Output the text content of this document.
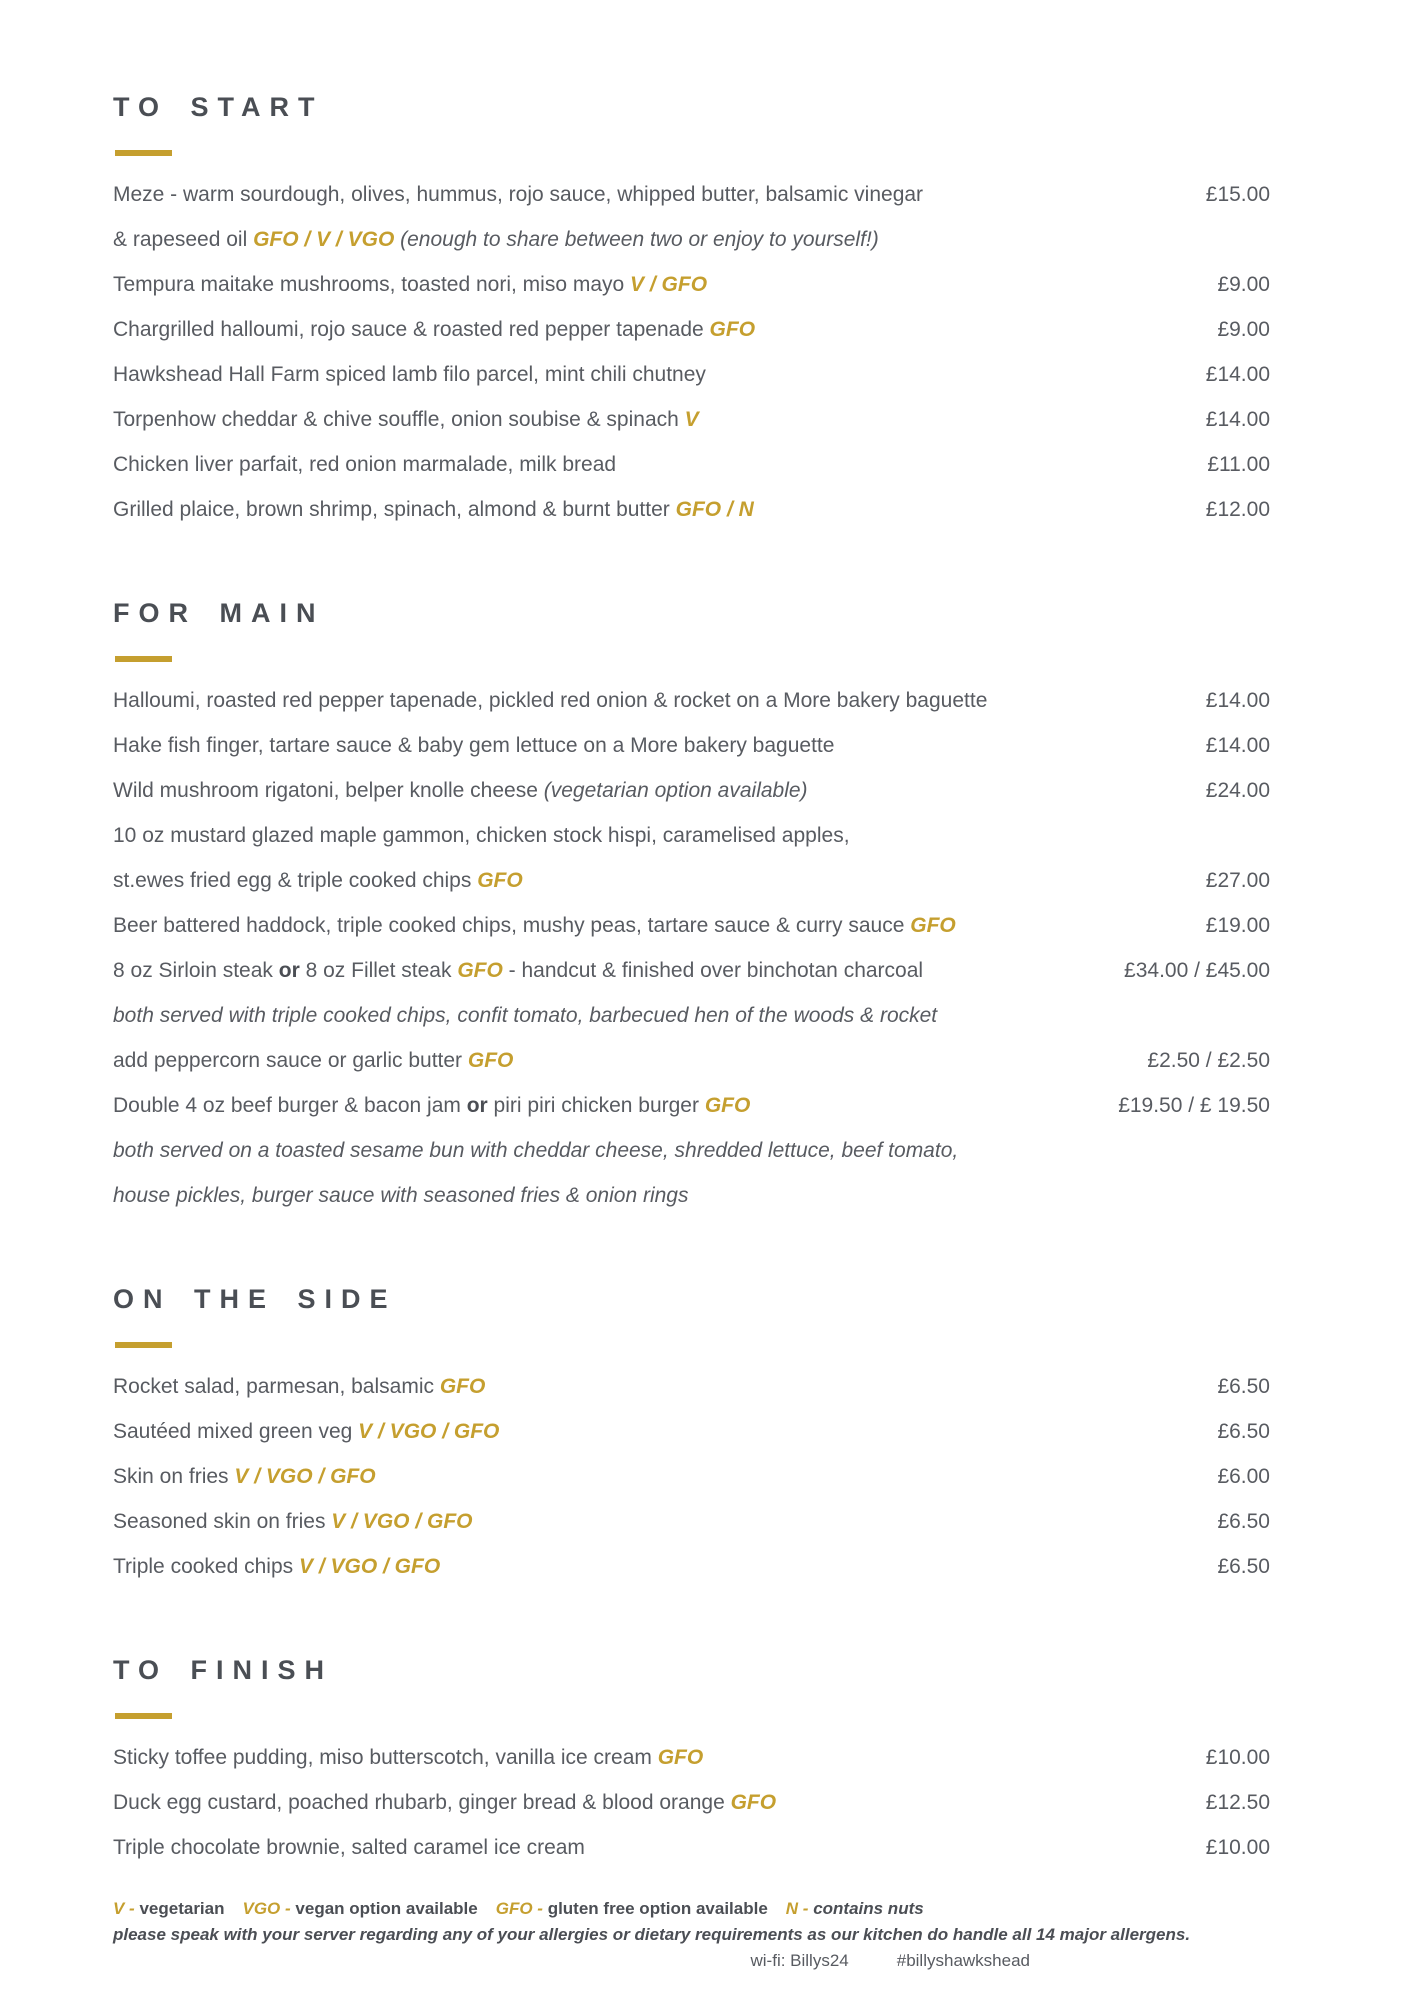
TO START
Meze - warm sourdough, olives, hummus, rojo sauce, whipped butter, balsamic vinegar	£15.00
& rapeseed oil GFO / V / VGO (enough to share between two or enjoy to yourself!)
Tempura maitake mushrooms, toasted nori, miso mayo V / GFO	£9.00
Chargrilled halloumi, rojo sauce & roasted red pepper tapenade GFO	£9.00
Hawkshead Hall Farm spiced lamb filo parcel, mint chili chutney	£14.00
Torpenhow cheddar & chive souffle, onion soubise & spinach V	£14.00
Chicken liver parfait, red onion marmalade, milk bread	£11.00
Grilled plaice, brown shrimp, spinach, almond & burnt butter GFO / N	£12.00
FOR MAIN
Halloumi, roasted red pepper tapenade, pickled red onion & rocket on a More bakery baguette	£14.00
Hake fish finger, tartare sauce & baby gem lettuce on a More bakery baguette	£14.00
Wild mushroom rigatoni, belper knolle cheese (vegetarian option available)	£24.00
10 oz mustard glazed maple gammon, chicken stock hispi, caramelised apples,
st.ewes fried egg & triple cooked chips GFO	£27.00
Beer battered haddock, triple cooked chips, mushy peas, tartare sauce & curry sauce GFO	£19.00
8 oz Sirloin steak or 8 oz Fillet steak GFO - handcut & finished over binchotan charcoal	£34.00 / £45.00
both served with triple cooked chips, confit tomato, barbecued hen of the woods & rocket
add peppercorn sauce or garlic butter GFO	£2.50 / £2.50
Double 4 oz beef burger & bacon jam or piri piri chicken burger GFO	£19.50 / £ 19.50
both served on a toasted sesame bun with cheddar cheese, shredded lettuce, beef tomato,
house pickles, burger sauce with seasoned fries & onion rings
ON THE SIDE
Rocket salad, parmesan, balsamic GFO	£6.50
Sautéed mixed green veg V / VGO / GFO	£6.50
Skin on fries V / VGO / GFO	£6.00
Seasoned skin on fries V / VGO / GFO	£6.50
Triple cooked chips V / VGO / GFO	£6.50
TO FINISH
Sticky toffee pudding, miso butterscotch, vanilla ice cream GFO	£10.00
Duck egg custard, poached rhubarb, ginger bread & blood orange GFO	£12.50
Triple chocolate brownie, salted caramel ice cream	£10.00
V - vegetarian VGO - vegan option available GFO - gluten free option available N - contains nuts
please speak with your server regarding any of your allergies or dietary requirements as our kitchen do handle all 14 major allergens.
wi-fi: Billys24	#billyshawkshead
